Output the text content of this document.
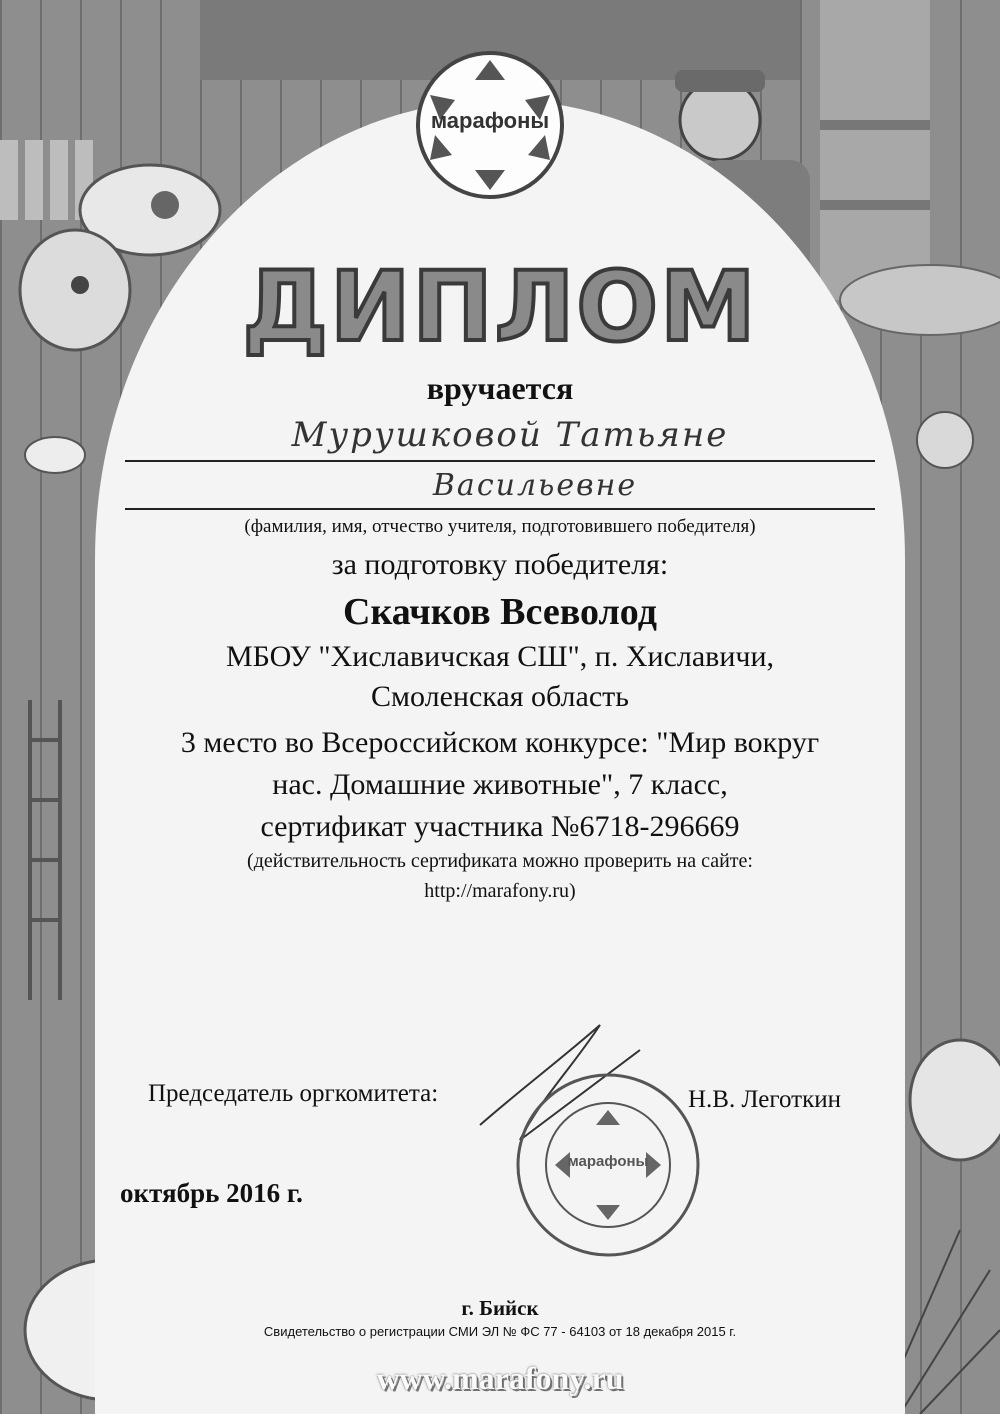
марафоны
ДИПЛОМ
вручается
Мурушковой Татьяне
Васильевне
(фамилия, имя, отчество учителя, подготовившего победителя)
за подготовку победителя:
Скачков Всеволод
МБОУ "Хиславичская СШ", п. Хиславичи,
Смоленская область
3 место во Всероссийском конкурсе: "Мир вокруг
нас. Домашние животные", 7 класс,
сертификат участника №6718-296669
(действительность сертификата можно проверить на сайте:
http://marafony.ru)
Председатель оргкомитета:	Н.В. Леготкин
марафоны
октябрь 2016 г.
г. Бийск
Свидетельство о регистрации СМИ ЭЛ № ФС 77 - 64103 от 18 декабря 2015 г.
www.marafony.ru
